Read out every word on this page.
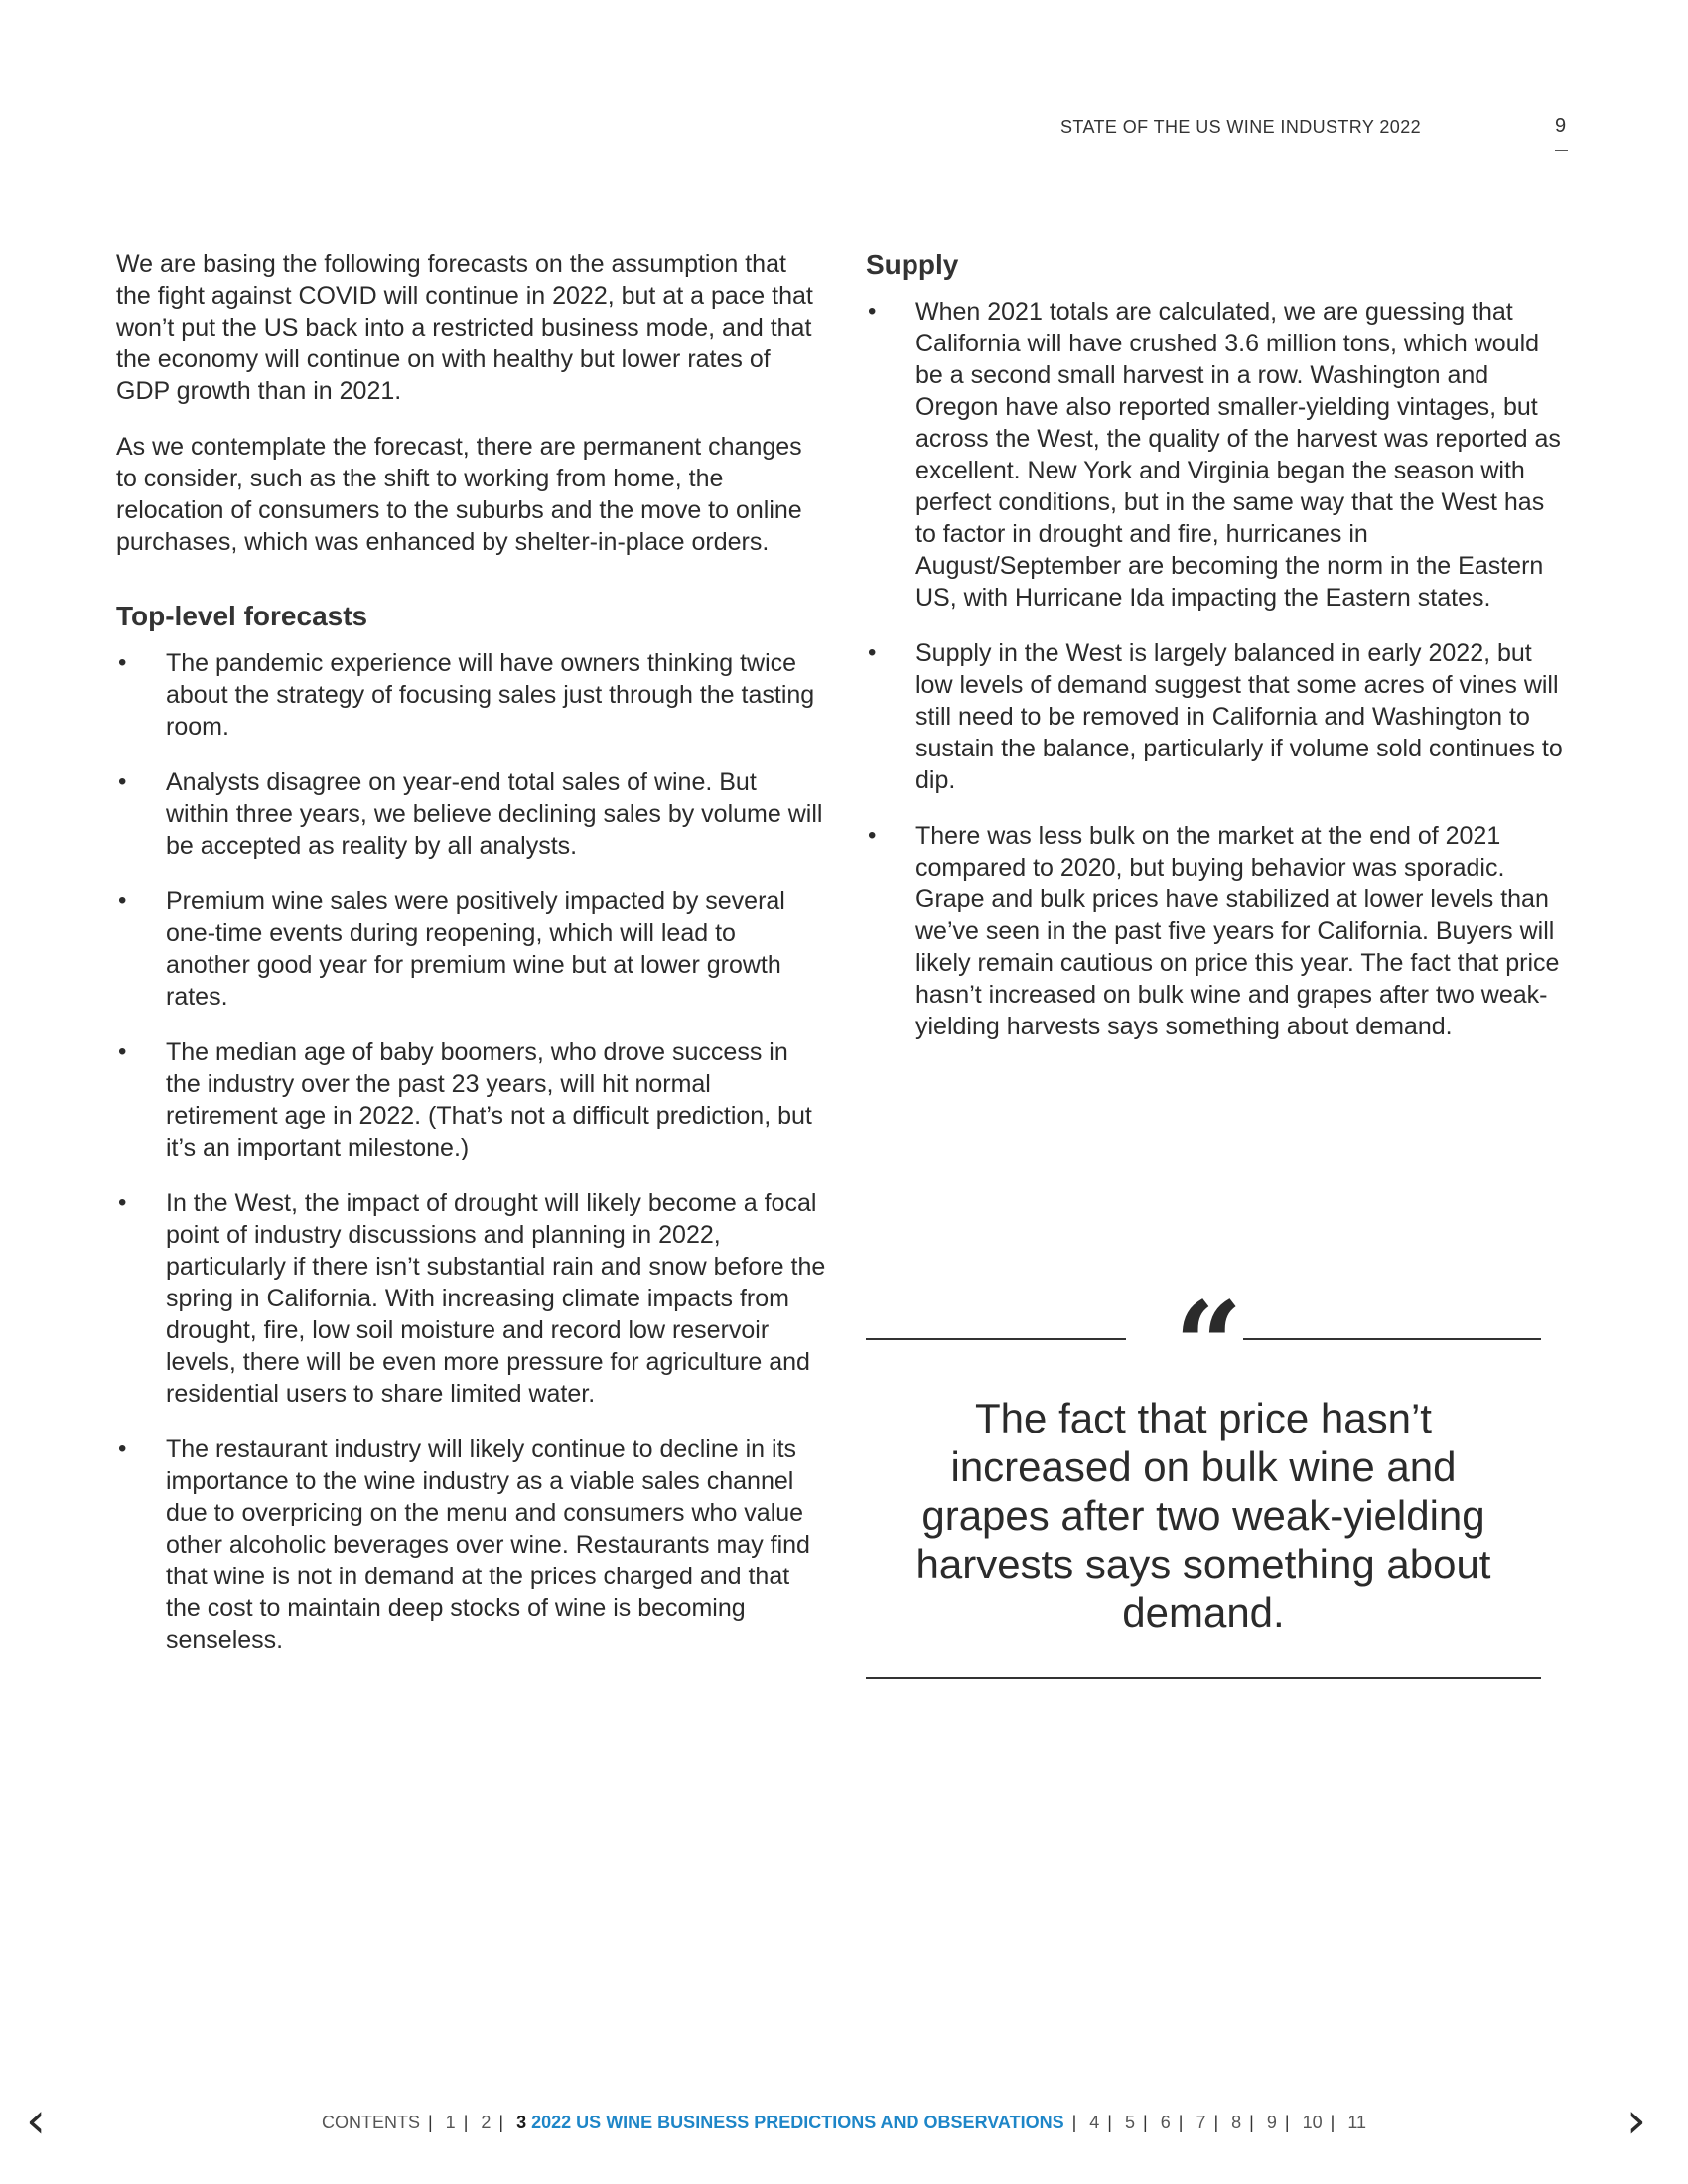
STATE OF THE US WINE INDUSTRY 2022	9

We are basing the following forecasts on the assumption that the fight against COVID will continue in 2022, but at a pace that won’t put the US back into a restricted business mode, and that the economy will continue on with healthy but lower rates of GDP growth than in 2021.

As we contemplate the forecast, there are permanent changes to consider, such as the shift to working from home, the relocation of consumers to the suburbs and the move to online purchases, which was enhanced by shelter-in-place orders.

Top-level forecasts
• The pandemic experience will have owners thinking twice about the strategy of focusing sales just through the tasting room.
• Analysts disagree on year-end total sales of wine. But within three years, we believe declining sales by volume will be accepted as reality by all analysts.
• Premium wine sales were positively impacted by several one-time events during reopening, which will lead to another good year for premium wine but at lower growth rates.
• The median age of baby boomers, who drove success in the industry over the past 23 years, will hit normal retirement age in 2022. (That’s not a difficult prediction, but it’s an important milestone.)
• In the West, the impact of drought will likely become a focal point of industry discussions and planning in 2022, particularly if there isn’t substantial rain and snow before the spring in California. With increasing climate impacts from drought, fire, low soil moisture and record low reservoir levels, there will be even more pressure for agriculture and residential users to share limited water.
• The restaurant industry will likely continue to decline in its importance to the wine industry as a viable sales channel due to overpricing on the menu and consumers who value other alcoholic beverages over wine. Restaurants may find that wine is not in demand at the prices charged and that the cost to maintain deep stocks of wine is becoming senseless.
Supply
• When 2021 totals are calculated, we are guessing that California will have crushed 3.6 million tons, which would be a second small harvest in a row. Washington and Oregon have also reported smaller-yielding vintages, but across the West, the quality of the harvest was reported as excellent. New York and Virginia began the season with perfect conditions, but in the same way that the West has to factor in drought and fire, hurricanes in August/September are becoming the norm in the Eastern US, with Hurricane Ida impacting the Eastern states.
• Supply in the West is largely balanced in early 2022, but low levels of demand suggest that some acres of vines will still need to be removed in California and Washington to sustain the balance, particularly if volume sold continues to dip.
• There was less bulk on the market at the end of 2021 compared to 2020, but buying behavior was sporadic. Grape and bulk prices have stabilized at lower levels than we’ve seen in the past five years for California. Buyers will likely remain cautious on price this year. The fact that price hasn’t increased on bulk wine and grapes after two weak-yielding harvests says something about demand.
“
The fact that price hasn’t increased on bulk wine and grapes after two weak-yielding harvests says something about demand.
‹	›
CONTENTS | 1 | 2 | 3 2022 US WINE BUSINESS PREDICTIONS AND OBSERVATIONS | 4 | 5 | 6 | 7 | 8 | 9 | 10 | 11
